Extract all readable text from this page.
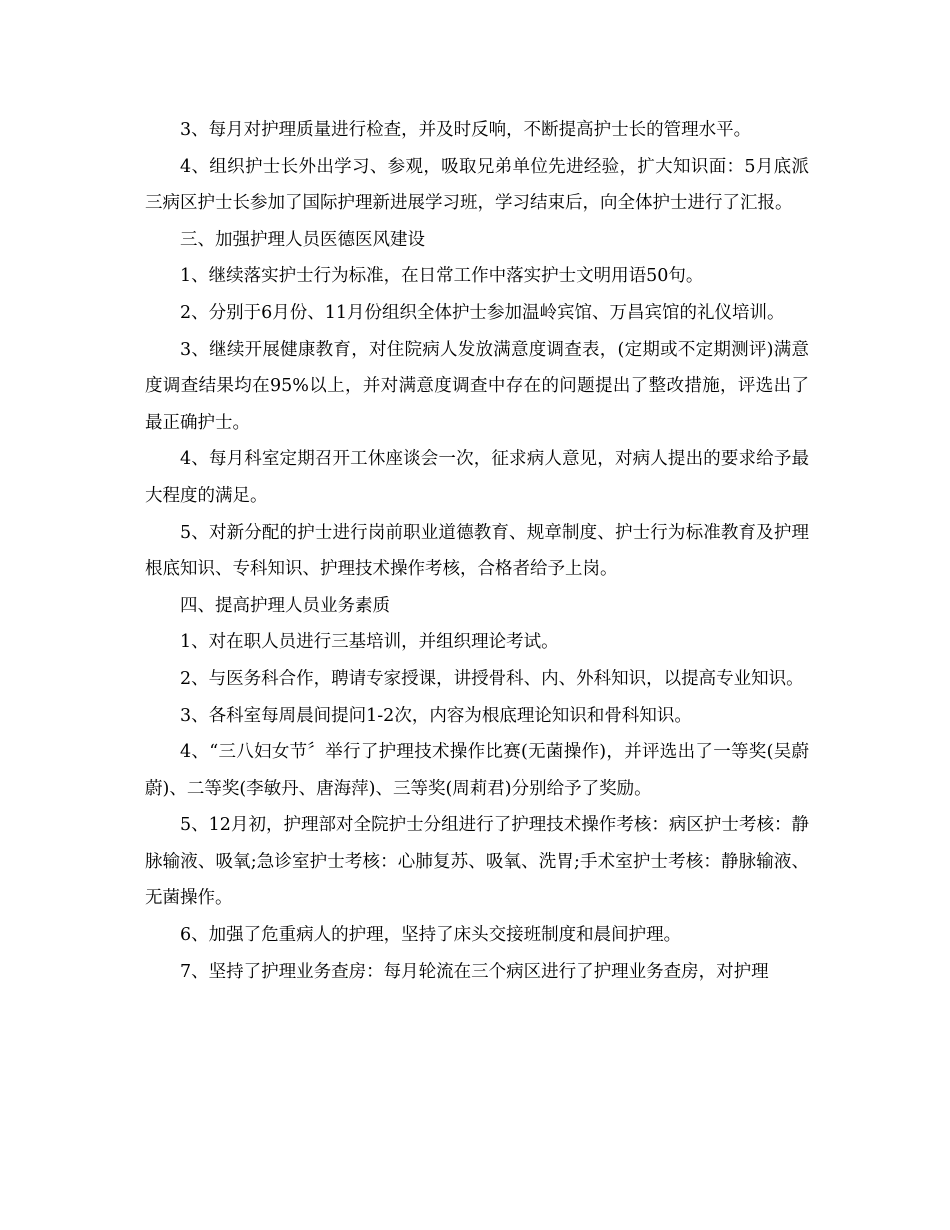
3、每月对护理质量进行检查，并及时反响，不断提高护士长的管理水平。

4、组织护士长外出学习、参观，吸取兄弟单位先进经验，扩大知识面：5月底派三病区护士长参加了国际护理新进展学习班，学习结束后，向全体护士进行了汇报。

三、加强护理人员医德医风建设

1、继续落实护士行为标准，在日常工作中落实护士文明用语50句。

2、分别于6月份、11月份组织全体护士参加温岭宾馆、万昌宾馆的礼仪培训。

3、继续开展健康教育，对住院病人发放满意度调查表，(定期或不定期测评)满意度调查结果均在95%以上，并对满意度调查中存在的问题提出了整改措施，评选出了最正确护士。

4、每月科室定期召开工休座谈会一次，征求病人意见，对病人提出的要求给予最大程度的满足。

5、对新分配的护士进行岗前职业道德教育、规章制度、护士行为标准教育及护理根底知识、专科知识、护理技术操作考核，合格者给予上岗。

四、提高护理人员业务素质

1、对在职人员进行三基培训，并组织理论考试。

2、与医务科合作，聘请专家授课，讲授骨科、内、外科知识，以提高专业知识。

3、各科室每周晨间提问1-2次，内容为根底理论知识和骨科知识。

4、“三八妇女节〞举行了护理技术操作比赛(无菌操作)，并评选出了一等奖(吴蔚蔚)、二等奖(李敏丹、唐海萍)、三等奖(周莉君)分别给予了奖励。

5、12月初，护理部对全院护士分组进行了护理技术操作考核：病区护士考核：静脉输液、吸氧;急诊室护士考核：心肺复苏、吸氧、洗胃;手术室护士考核：静脉输液、无菌操作。

6、加强了危重病人的护理，坚持了床头交接班制度和晨间护理。

7、坚持了护理业务查房：每月轮流在三个病区进行了护理业务查房，对护理
